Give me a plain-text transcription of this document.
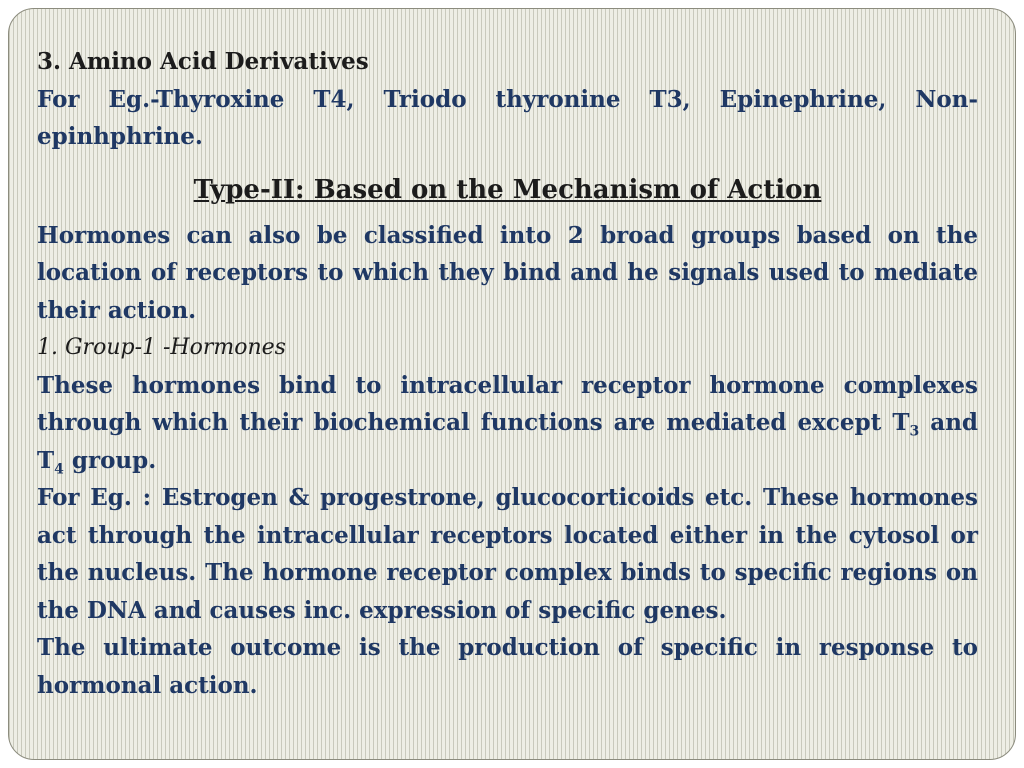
3. Amino Acid Derivatives

For Eg.-Thyroxine T4, Triodo thyronine T3, Epinephrine, Non-epinhphrine.

Type-II: Based on the Mechanism of Action

Hormones can also be classified into 2 broad groups based on the location of receptors to which they bind and he signals used to mediate their action.

1. Group-1 -Hormones

These hormones bind to intracellular receptor hormone complexes through which their biochemical functions are mediated except $T_3$ and $T_4$ group.

For Eg. : Estrogen & progestrone, glucocorticoids etc. These hormones act through the intracellular receptors located either in the cytosol or the nucleus. The hormone receptor complex binds to specific regions on the DNA and causes inc. expression of specific genes.

The ultimate outcome is the production of specific in response to hormonal action.
